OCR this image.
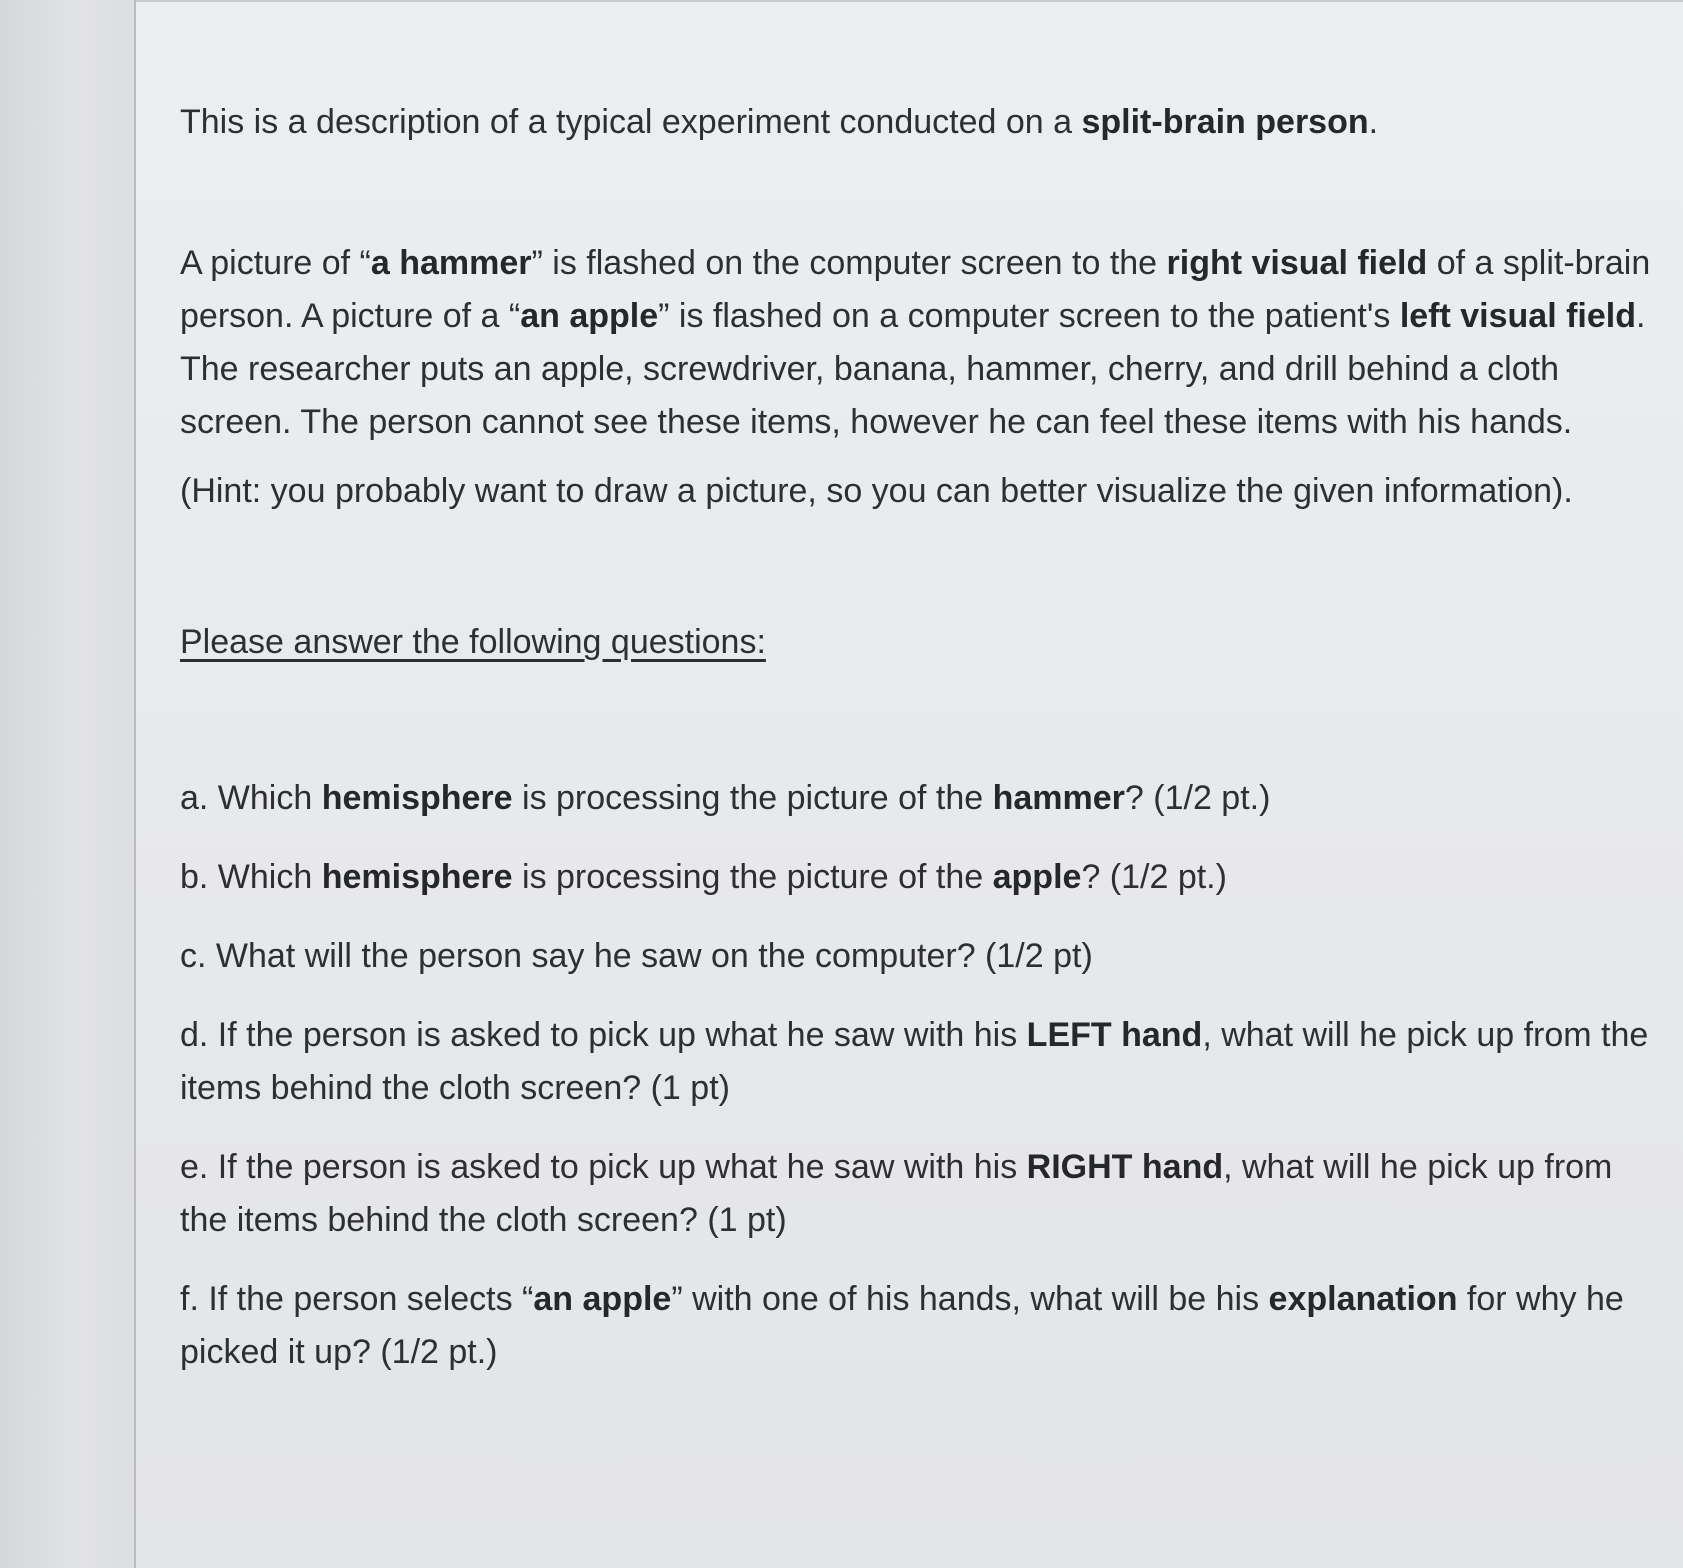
This is a description of a typical experiment conducted on a split-brain person.

A picture of “a hammer” is flashed on the computer screen to the right visual field of a split-brain person. A picture of a “an apple” is flashed on a computer screen to the patient's left visual field. The researcher puts an apple, screwdriver, banana, hammer, cherry, and drill behind a cloth screen. The person cannot see these items, however he can feel these items with his hands.

(Hint: you probably want to draw a picture, so you can better visualize the given information).

Please answer the following questions:

a. Which hemisphere is processing the picture of the hammer? (1/2 pt.)

b. Which hemisphere is processing the picture of the apple? (1/2 pt.)

c. What will the person say he saw on the computer? (1/2 pt)

d. If the person is asked to pick up what he saw with his LEFT hand, what will he pick up from the items behind the cloth screen? (1 pt)

e. If the person is asked to pick up what he saw with his RIGHT hand, what will he pick up from the items behind the cloth screen? (1 pt)

f. If the person selects “an apple” with one of his hands, what will be his explanation for why he picked it up? (1/2 pt.)
